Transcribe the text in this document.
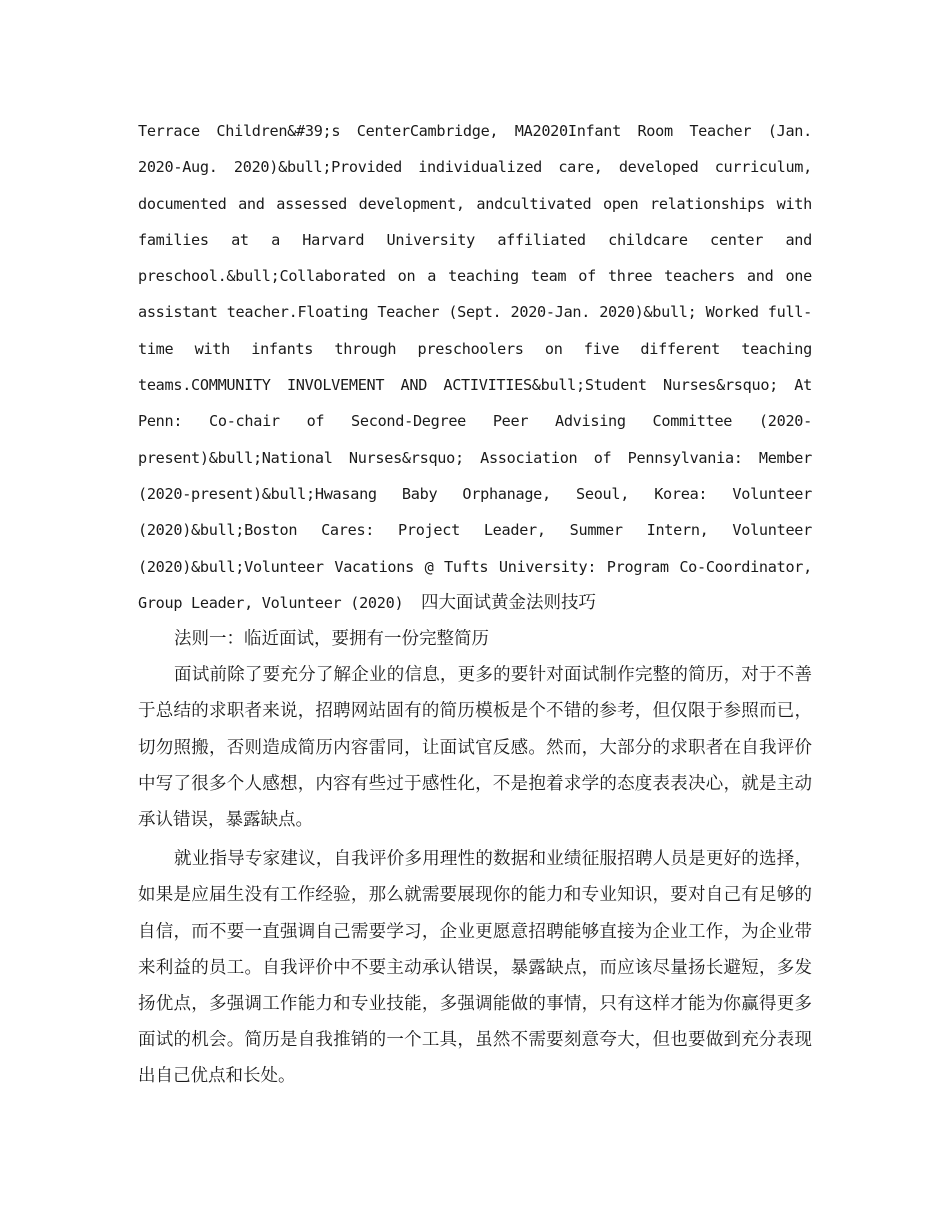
Terrace Children&#39;s CenterCambridge, MA2020Infant Room Teacher (Jan. 2020-Aug. 2020)&bull;Provided individualized care, developed curriculum, documented and assessed development, andcultivated open relationships with families at a Harvard University affiliated childcare center and preschool.&bull;Collaborated on a teaching team of three teachers and one assistant teacher.Floating Teacher (Sept. 2020-Jan. 2020)&bull; Worked full-time with infants through preschoolers on five different teaching teams.COMMUNITY INVOLVEMENT AND ACTIVITIES&bull;Student Nurses&rsquo; At Penn: Co-chair of Second-Degree Peer Advising Committee (2020-present)&bull;National Nurses&rsquo; Association of Pennsylvania: Member (2020-present)&bull;Hwasang Baby Orphanage, Seoul, Korea: Volunteer (2020)&bull;Boston Cares: Project Leader, Summer Intern, Volunteer (2020)&bull;Volunteer Vacations @ Tufts University: Program Co-Coordinator, Group Leader, Volunteer (2020)   四大面试黄金法则技巧

法则一：临近面试，要拥有一份完整简历

面试前除了要充分了解企业的信息，更多的要针对面试制作完整的简历，对于不善于总结的求职者来说，招聘网站固有的简历模板是个不错的参考，但仅限于参照而已，切勿照搬，否则造成简历内容雷同，让面试官反感。然而，大部分的求职者在自我评价中写了很多个人感想，内容有些过于感性化，不是抱着求学的态度表表决心，就是主动承认错误，暴露缺点。

就业指导专家建议，自我评价多用理性的数据和业绩征服招聘人员是更好的选择，如果是应届生没有工作经验，那么就需要展现你的能力和专业知识，要对自己有足够的自信，而不要一直强调自己需要学习，企业更愿意招聘能够直接为企业工作，为企业带来利益的员工。自我评价中不要主动承认错误，暴露缺点，而应该尽量扬长避短，多发扬优点，多强调工作能力和专业技能，多强调能做的事情，只有这样才能为你赢得更多面试的机会。简历是自我推销的一个工具，虽然不需要刻意夸大，但也要做到充分表现出自己优点和长处。
